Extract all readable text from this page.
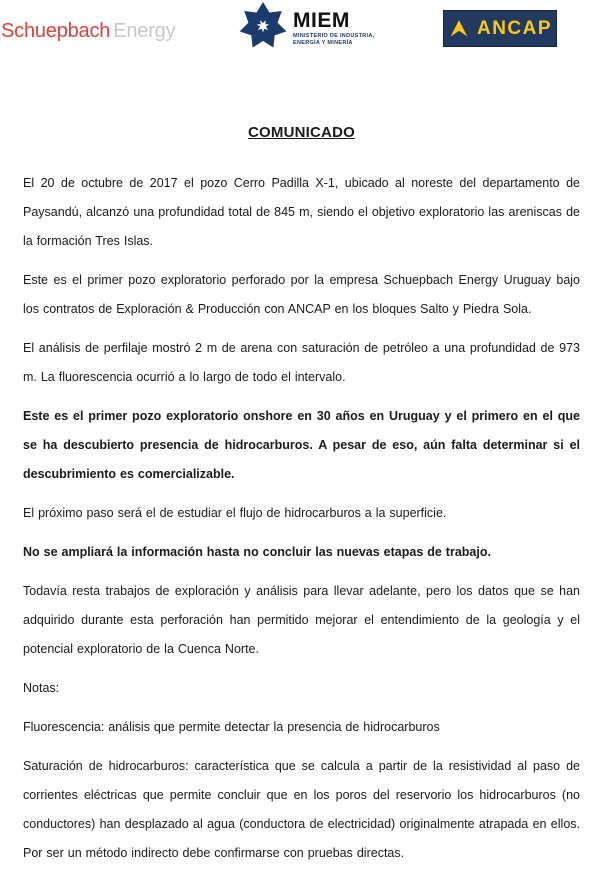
Schuepbach Energy	MIEM
MINISTERIO DE INDUSTRIA,
ENERGÍA Y MINERÍA
ANCAP
COMUNICADO
El 20 de octubre de 2017 el pozo Cerro Padilla X-1, ubicado al noreste del departamento de Paysandú, alcanzó una profundidad total de 845 m, siendo el objetivo exploratorio las areniscas de la formación Tres Islas.
Este es el primer pozo exploratorio perforado por la empresa Schuepbach Energy Uruguay bajo los contratos de Exploración & Producción con ANCAP en los bloques Salto y Piedra Sola.
El análisis de perfilaje mostró 2 m de arena con saturación de petróleo a una profundidad de 973 m. La fluorescencia ocurrió a lo largo de todo el intervalo.
Este es el primer pozo exploratorio onshore en 30 años en Uruguay y el primero en el que se ha descubierto presencia de hidrocarburos. A pesar de eso, aún falta determinar si el descubrimiento es comercializable.
El próximo paso será el de estudiar el flujo de hidrocarburos a la superficie.
No se ampliará la información hasta no concluir las nuevas etapas de trabajo.
Todavía resta trabajos de exploración y análisis para llevar adelante, pero los datos que se han adquirido durante esta perforación han permitido mejorar el entendimiento de la geología y el potencial exploratorio de la Cuenca Norte.
Notas:
Fluorescencia: análisis que permite detectar la presencia de hidrocarburos
Saturación de hidrocarburos: característica que se calcula a partir de la resistividad al paso de corrientes eléctricas que permite concluir que en los poros del reservorio los hidrocarburos (no conductores) han desplazado al agua (conductora de electricidad) originalmente atrapada en ellos. Por ser un método indirecto debe confirmarse con pruebas directas.
